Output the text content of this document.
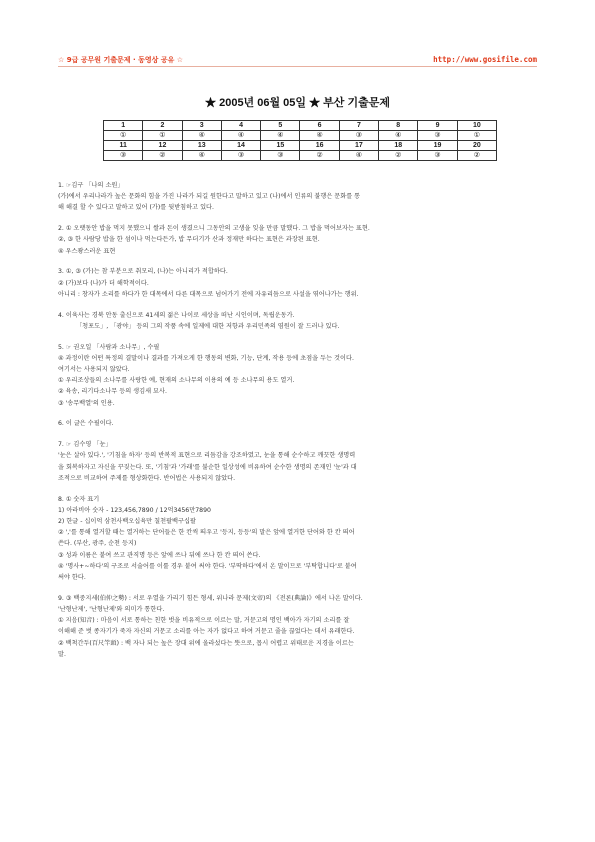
☆ 9급 공무원 기출문제 · 동영상 공유 ☆	http://www.gosifile.com
★ 2005년 06월 05일 ★ 부산 기출문제
1	2	3	4	5	6	7	8	9	10
①	①	④	④	④	④	③	④	③	①
11	12	13	14	15	16	17	18	19	20
③	②	④	③	③	②	④	②	③	②

1. ☞김구 「나의 소원」

(가)에서 우리나라가 높은 문화의 힘을 가진 나라가 되길 원한다고 말하고 있고 (나)에서 인류의 불행은 문화를 통

해 해결 할 수 있다고 말하고 있어 (가)를 뒷받침하고 있다.

2. ① 오랫동안 밥을 먹지 못했으니 쌀과 돈이 생겼으니 그동안의 고생을 잊을 만큼 말했다. 그 밥을 먹어보자는 표현.

②, ③ 한 사람당 밥을 한 섬이나 먹는다든가, 밥 무더기가 산과 정재만 하다는 표현은 과장된 표현.

④ 우스꽝스러운 표현

3. ①, ③ (가)는 참 부분으로 취모리, (나)는 아니리가 적합하다.

② (가)보다 (나)가 더 해학적이다.

아니리 : 창자가 소리를 하다가 한 대목에서 다른 대목으로 넘어가기 전에 자유리듬으로 사설을 엮어나가는 행위.

4. 이육사는 경북 안동 출신으로 41세의 젊은 나이로 세상을 떠난 시인이며, 독립운동가.

「청포도」, 「광야」 등의 그의 작품 속에 일제에 대한 저항과 우리민족의 염원이 잘 드러나 있다.

5. ☞ 권오일 「사람과 소나무」, 수필

④ 과정이란 어떤 특정의 결말이나 결과를 가져오게 한 행동의 변화, 기능, 단계, 작용 등에 초점을 두는 것이다.

여기서는 사용되지 않았다.

① 우리조상들의 소나무를 사랑한 예, 현재의 소나무의 이용의 예 등 소나무의 용도 열거.

② 육송, 리기다소나무 등의 생김새 묘사.

③ '송무백열'의 인용.

6. 이 글은 수필이다.

7. ☞ 김수영 「눈」

'눈은 살아 있다.', '기침을 하자' 등의 반복적 표현으로 리듬감을 강조하였고, 눈을 통해 순수하고 깨끗한 생명력

을 회복하자고 자신을 꾸짖는다. 또, '기침'과 '가래'를 불순한 일상성에 비유하여 순수한 생명의 존재인 '눈'과 대

조적으로 비교하여 주제를 형상화한다. 반어법은 사용되지 않았다.

8. ① 숫자 표기

1) 아라비아 숫자 - 123,456,7890 / 12억3456만7890

2) 한글 - 십이억 삼천사백오십육만 칠천팔백구십팔

② ','를 통해 열거할 때는 열거하는 단어들은 한 칸씩 띄우고 '등지, 등등'의 말은 앞에 열거한 단어와 한 칸 띄어

쓴다. (부산, 광주, 순천 등지)

③ 성과 이름은 붙여 쓰고 관직명 등은 앞에 쓰나 뒤에 쓰나 한 칸 띄어 쓴다.

④ '명사+~하다'의 구조로 서술어를 이룰 경우 붙여 써야 한다. '부딱하다'에서 온 말이므로 '부탁합니다'로 붙여

써야 한다.

9. ③ 백중지세(伯仲之勢) : 서로 우열을 가리기 힘든 형세, 위나라 문제(文帝)의 《전론(典論)》에서 나온 말이다.

'난형난제', '난형난제'와 의미가 통한다.

① 지음(知音) : 마음이 서로 통하는 친한 벗을 비유적으로 이르는 말, 거문고의 명인 백아가 자기의 소리를 잘

이해해 준 벗 종자기가 죽자 자신의 거문고 소리를 아는 자가 없다고 하여 거문고 줄을 끊었다는 데서 유래한다.

② 백척간두(百尺竿頭) : 백 자나 되는 높은 장대 위에 올라섰다는 뜻으로, 몹시 어렵고 위태로운 지경을 이르는

말.
